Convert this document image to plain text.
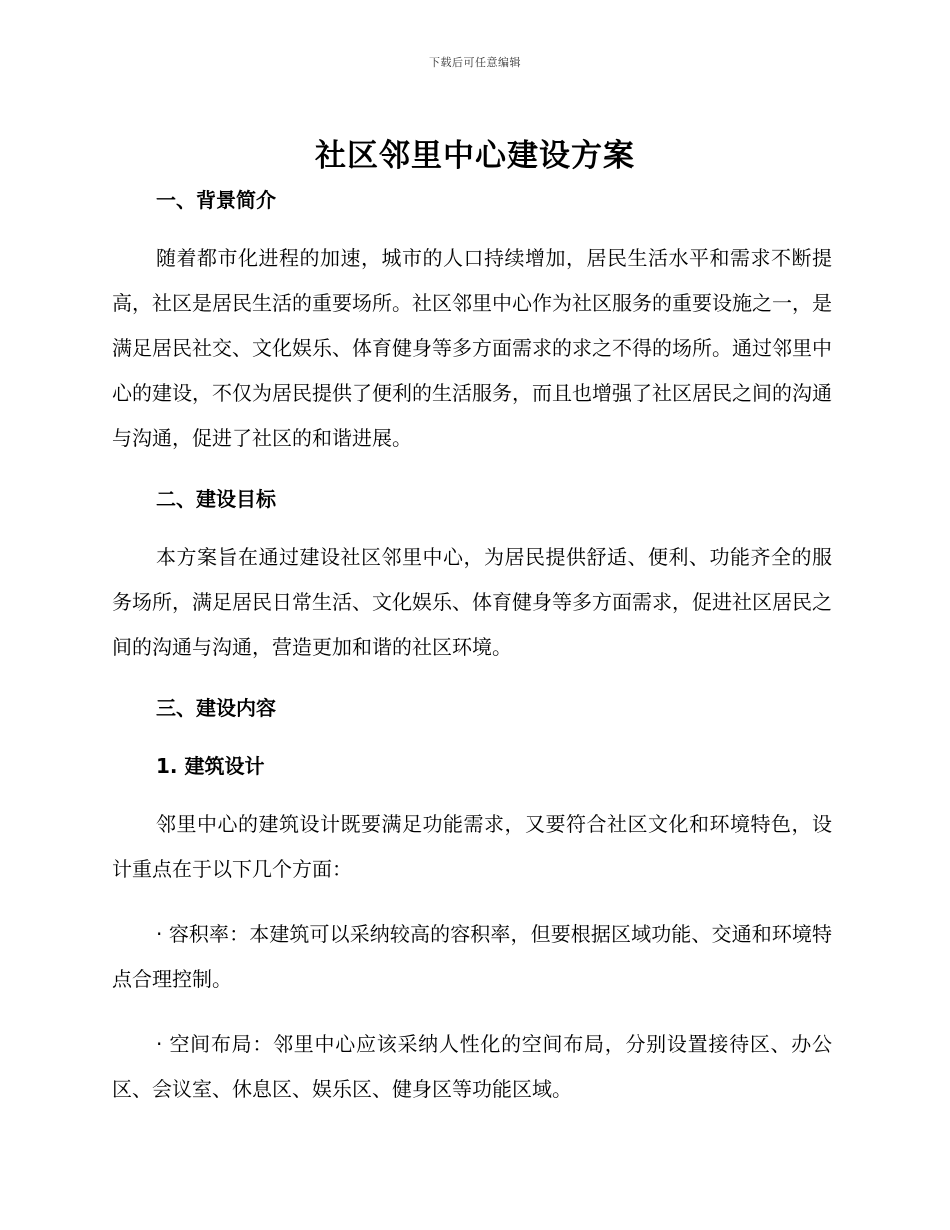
下载后可任意编辑
社区邻里中心建设方案
一、背景简介

随着都市化进程的加速，城市的人口持续增加，居民生活水平和需求不断提高，社区是居民生活的重要场所。社区邻里中心作为社区服务的重要设施之一，是满足居民社交、文化娱乐、体育健身等多方面需求的求之不得的场所。通过邻里中心的建设，不仅为居民提供了便利的生活服务，而且也增强了社区居民之间的沟通与沟通，促进了社区的和谐进展。

二、建设目标

本方案旨在通过建设社区邻里中心，为居民提供舒适、便利、功能齐全的服务场所，满足居民日常生活、文化娱乐、体育健身等多方面需求，促进社区居民之间的沟通与沟通，营造更加和谐的社区环境。

三、建设内容
1. 建筑设计

邻里中心的建筑设计既要满足功能需求，又要符合社区文化和环境特色，设计重点在于以下几个方面：

· 容积率：本建筑可以采纳较高的容积率，但要根据区域功能、交通和环境特点合理控制。

· 空间布局：邻里中心应该采纳人性化的空间布局，分别设置接待区、办公区、会议室、休息区、娱乐区、健身区等功能区域。
